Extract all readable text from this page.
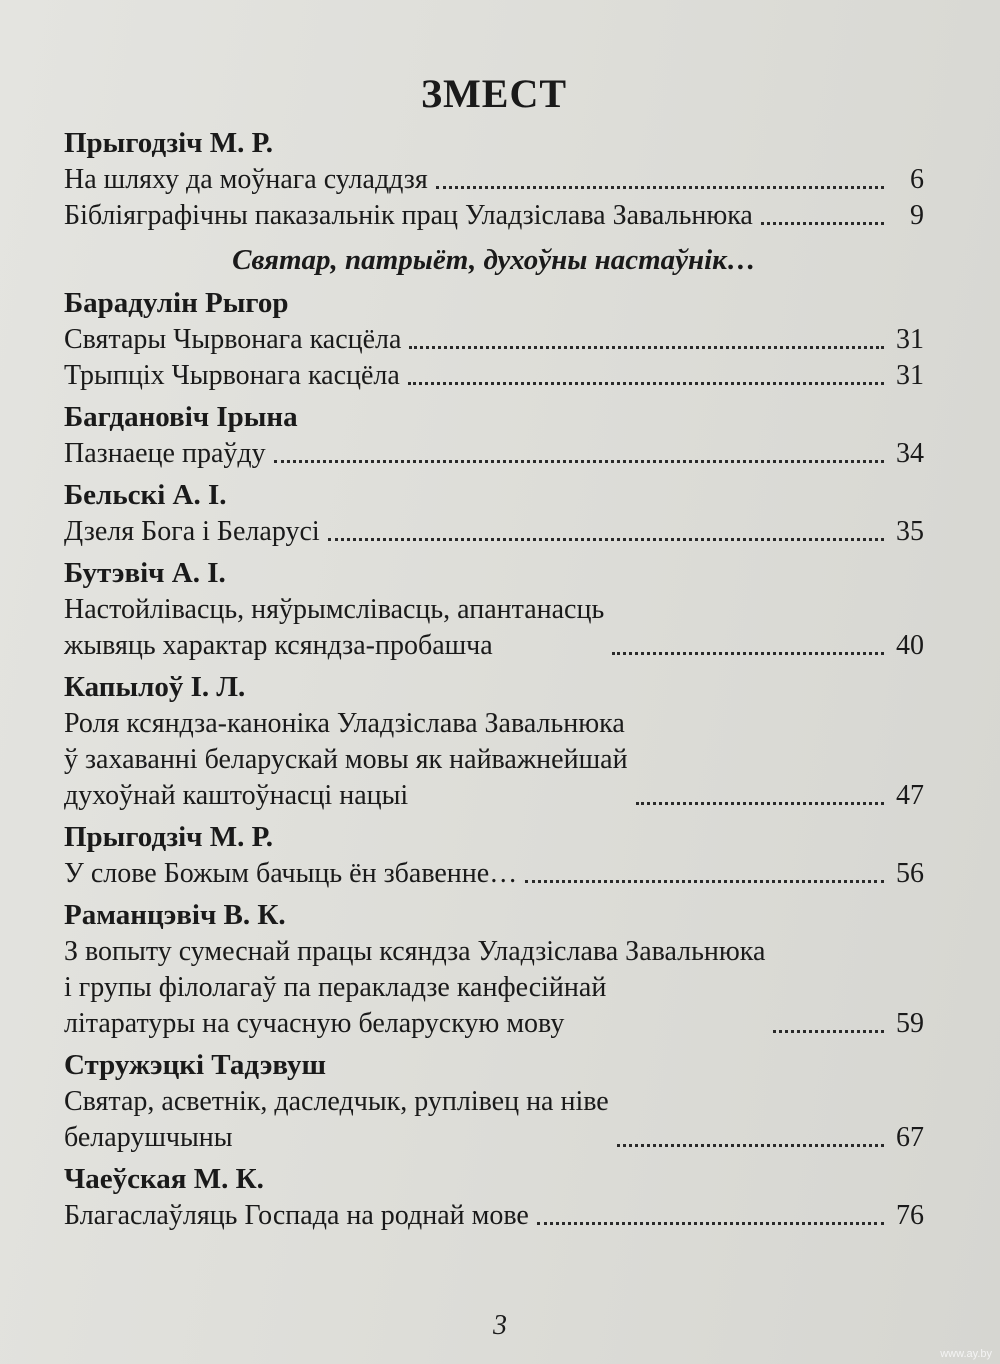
ЗМЕСТ
Прыгодзіч М. Р.
На шляху да моўнага суладдзя	6
Бібліяграфічны паказальнік прац Уладзіслава Завальнюка	9
Святар, патрыёт, духоўны настаўнік…
Барадулін Рыгор
Святары Чырвонага касцёла	31
Трыпціх Чырвонага касцёла	31
Багдановіч Ірына
Пазнаеце праўду	34
Бельскі А. І.
Дзеля Бога і Беларусі	35
Бутэвіч А. І.
Настойлівасць, няўрымслівасць, апантанасць
жывяць характар ксяндза-пробашча	40
Капылоў І. Л.
Роля ксяндза-каноніка Уладзіслава Завальнюка
ў захаванні беларускай мовы як найважнейшай
духоўнай каштоўнасці нацыі	47
Прыгодзіч М. Р.
У слове Божым бачыць ён збавенне…	56
Раманцэвіч В. К.
З вопыту сумеснай працы ксяндза Уладзіслава Завальнюка
і групы філолагаў па перакладзе канфесійнай
літаратуры на сучасную беларускую мову	59
Стружэцкі Тадэвуш
Святар, асветнік, даследчык, руплівец на ніве
беларушчыны	67
Чаеўская М. К.
Благаслаўляць Госпада на роднай мове	76
3
www.ay.by
